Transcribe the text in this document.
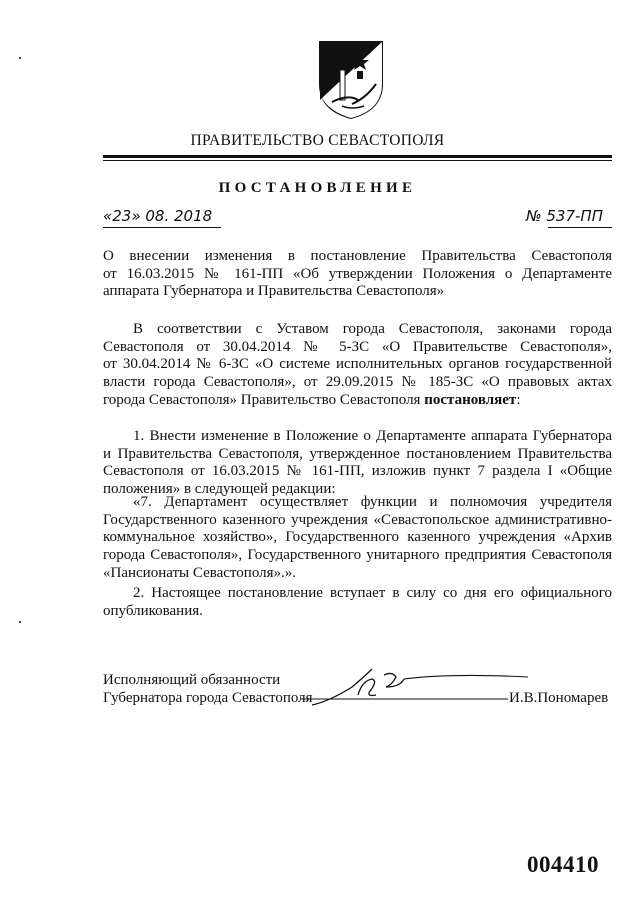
ПРАВИТЕЛЬСТВО СЕВАСТОПОЛЯ
ПОСТАНОВЛЕНИЕ
«23» 08. 2018	№ 537-ПП
О внесении изменения в постановление Правительства Севастополя
от 16.03.2015 № 161-ПП «Об утверждении Положения о Департаменте
аппарата Губернатора и Правительства Севастополя»
В соответствии с Уставом города Севастополя, законами города
Севастополя от 30.04.2014 № 5-ЗС «О Правительстве Севастополя»,
от 30.04.2014 № 6-ЗС «О системе исполнительных органов государственной
власти города Севастополя», от 29.09.2015 № 185-ЗС «О правовых актах
города Севастополя» Правительство Севастополя постановляет:
1. Внести изменение в Положение о Департаменте аппарата Губернатора
и Правительства Севастополя, утвержденное постановлением Правительства
Севастополя от 16.03.2015 № 161-ПП, изложив пункт 7 раздела I «Общие
положения» в следующей редакции:
«7. Департамент осуществляет функции и полномочия учредителя
Государственного казенного учреждения «Севастопольское административно-
коммунальное хозяйство», Государственного казенного учреждения «Архив
города Севастополя», Государственного унитарного предприятия Севастополя
«Пансионаты Севастополя».».
2. Настоящее постановление вступает в силу со дня его официального
опубликования.
Исполняющий обязанности
Губернатора города Севастополя	И.В.Пономарев
004410
